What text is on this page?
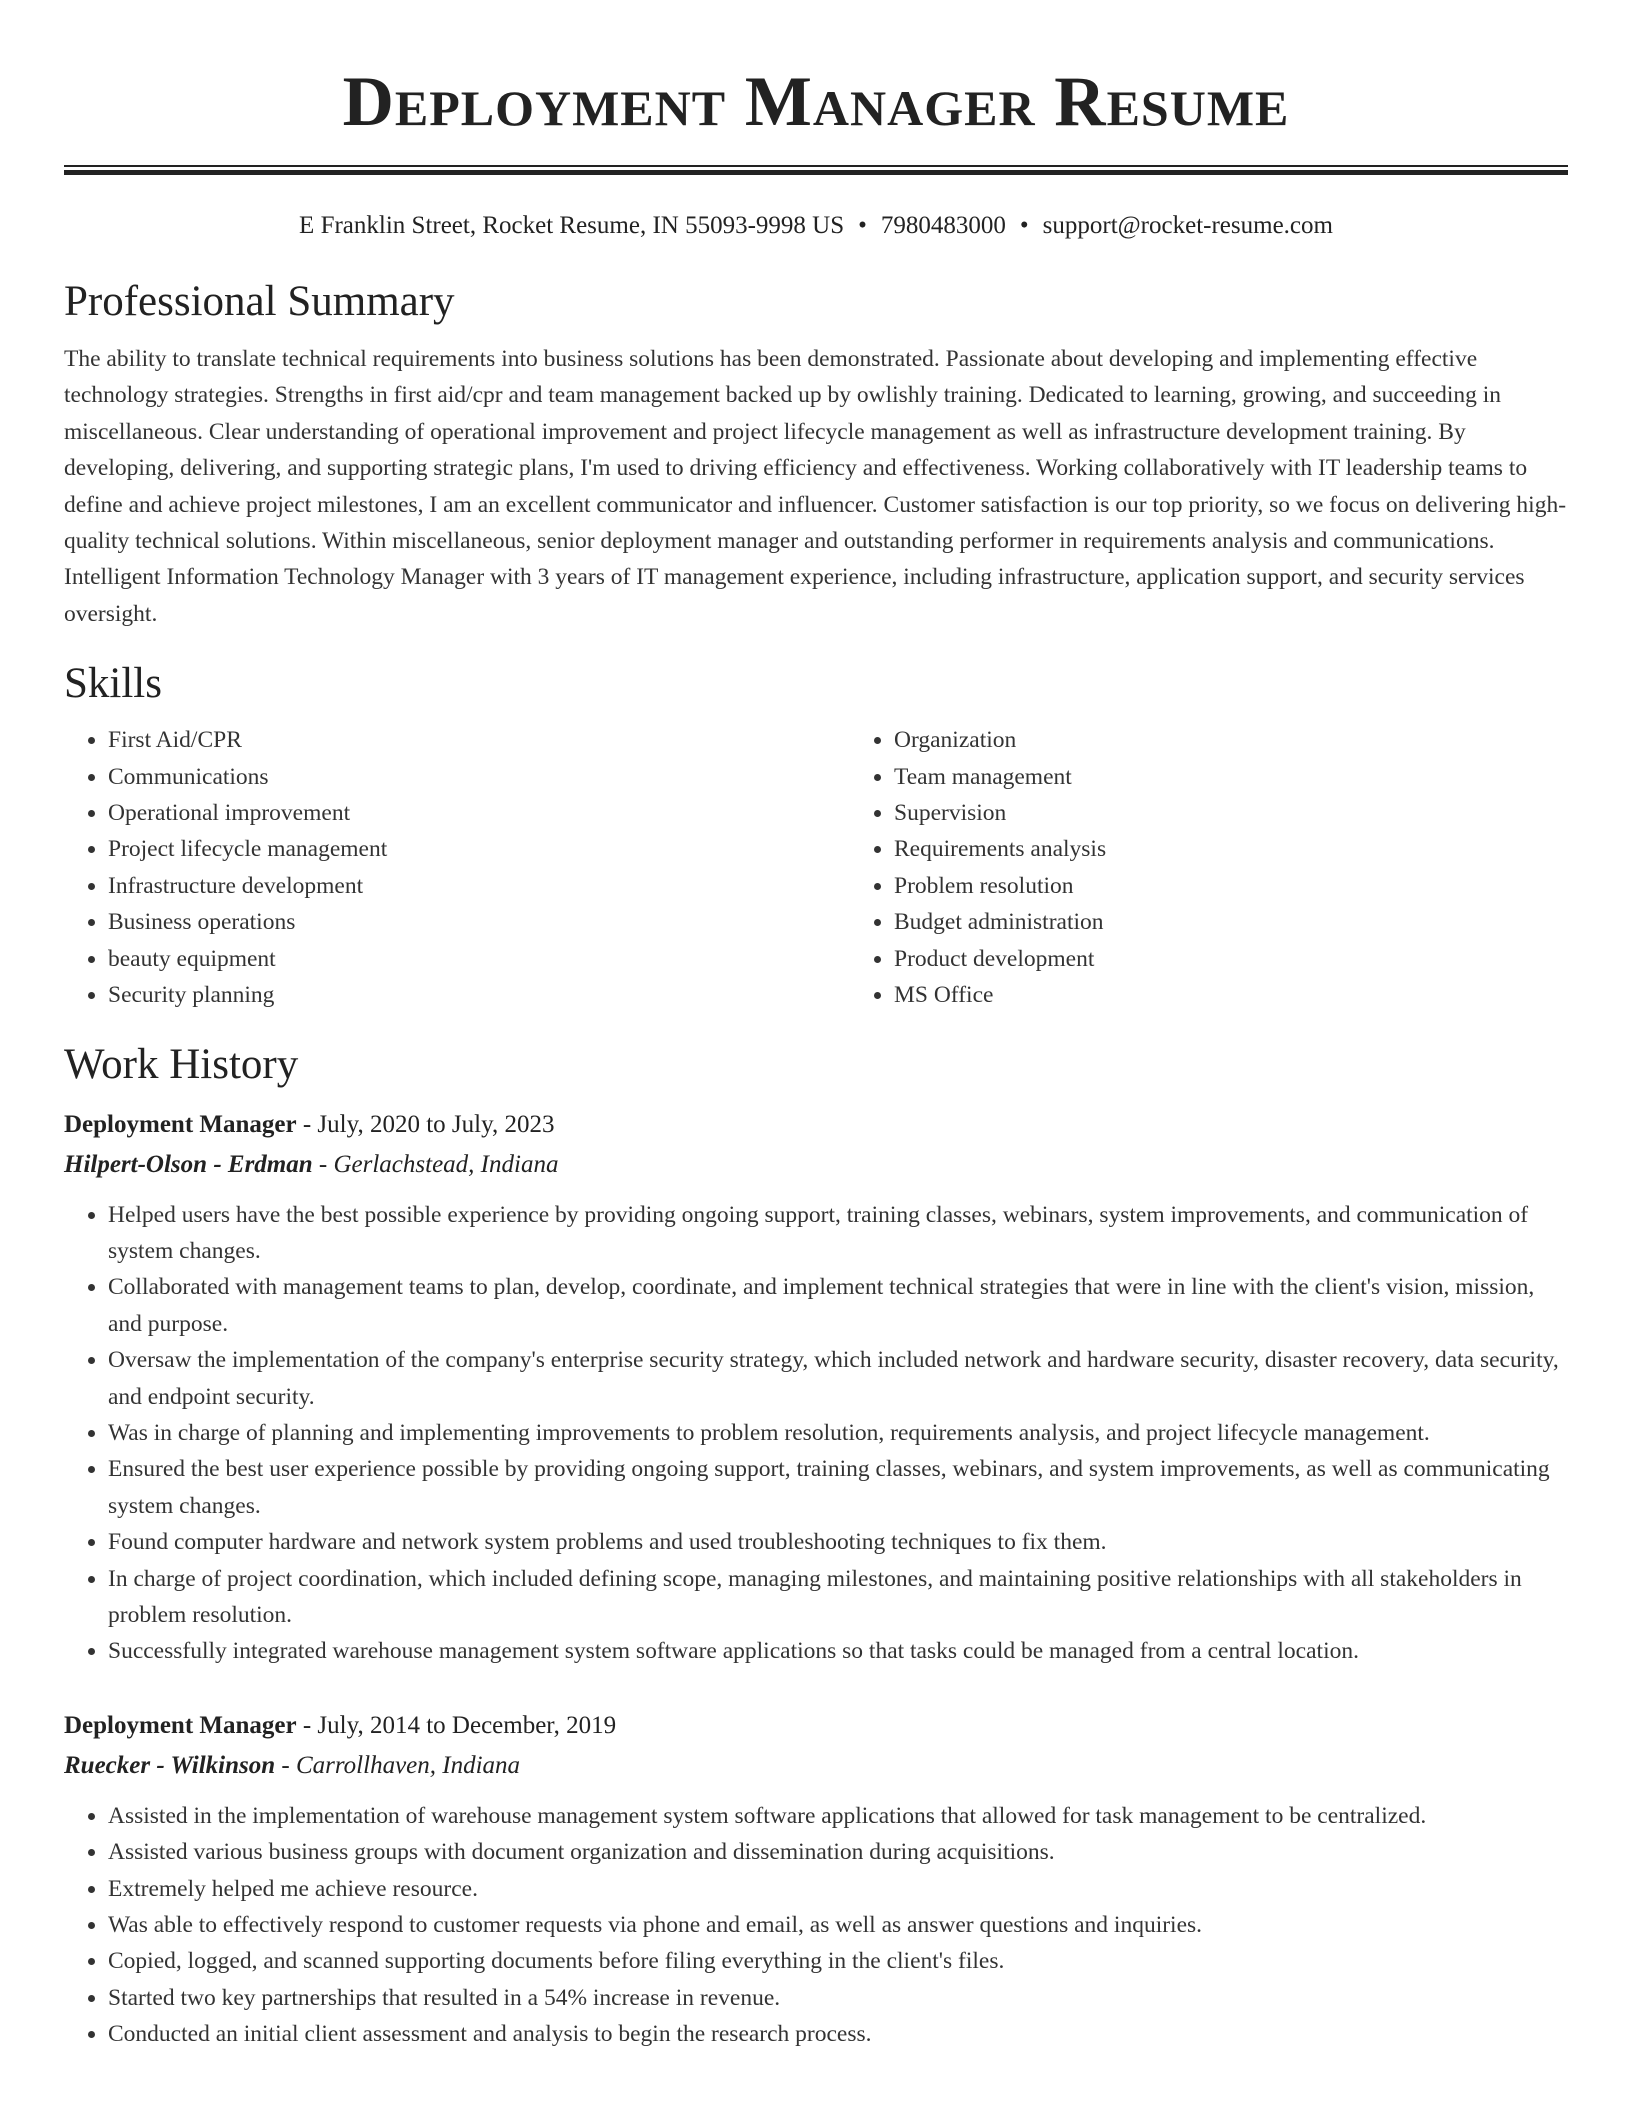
Deployment Manager Resume
E Franklin Street, Rocket Resume, IN 55093-9998 US • 7980483000 • support@rocket-resume.com
Professional Summary

The ability to translate technical requirements into business solutions has been demonstrated. Passionate about developing and implementing effective technology strategies. Strengths in first aid/cpr and team management backed up by owlishly training. Dedicated to learning, growing, and succeeding in miscellaneous. Clear understanding of operational improvement and project lifecycle management as well as infrastructure development training. By developing, delivering, and supporting strategic plans, I'm used to driving efficiency and effectiveness. Working collaboratively with IT leadership teams to define and achieve project milestones, I am an excellent communicator and influencer. Customer satisfaction is our top priority, so we focus on delivering high-quality technical solutions. Within miscellaneous, senior deployment manager and outstanding performer in requirements analysis and communications. Intelligent Information Technology Manager with 3 years of IT management experience, including infrastructure, application support, and security services oversight.

Skills
• First Aid/CPR
• Communications
• Operational improvement
• Project lifecycle management
• Infrastructure development
• Business operations
• beauty equipment
• Security planning
• Organization
• Team management
• Supervision
• Requirements analysis
• Problem resolution
• Budget administration
• Product development
• MS Office
Work History
Deployment Manager - July, 2020 to July, 2023
Hilpert-Olson - Erdman - Gerlachstead, Indiana
• Helped users have the best possible experience by providing ongoing support, training classes, webinars, system improvements, and communication of system changes.
• Collaborated with management teams to plan, develop, coordinate, and implement technical strategies that were in line with the client's vision, mission, and purpose.
• Oversaw the implementation of the company's enterprise security strategy, which included network and hardware security, disaster recovery, data security, and endpoint security.
• Was in charge of planning and implementing improvements to problem resolution, requirements analysis, and project lifecycle management.
• Ensured the best user experience possible by providing ongoing support, training classes, webinars, and system improvements, as well as communicating system changes.
• Found computer hardware and network system problems and used troubleshooting techniques to fix them.
• In charge of project coordination, which included defining scope, managing milestones, and maintaining positive relationships with all stakeholders in problem resolution.
• Successfully integrated warehouse management system software applications so that tasks could be managed from a central location.
Deployment Manager - July, 2014 to December, 2019
Ruecker - Wilkinson - Carrollhaven, Indiana
• Assisted in the implementation of warehouse management system software applications that allowed for task management to be centralized.
• Assisted various business groups with document organization and dissemination during acquisitions.
• Extremely helped me achieve resource.
• Was able to effectively respond to customer requests via phone and email, as well as answer questions and inquiries.
• Copied, logged, and scanned supporting documents before filing everything in the client's files.
• Started two key partnerships that resulted in a 54% increase in revenue.
• Conducted an initial client assessment and analysis to begin the research process.
